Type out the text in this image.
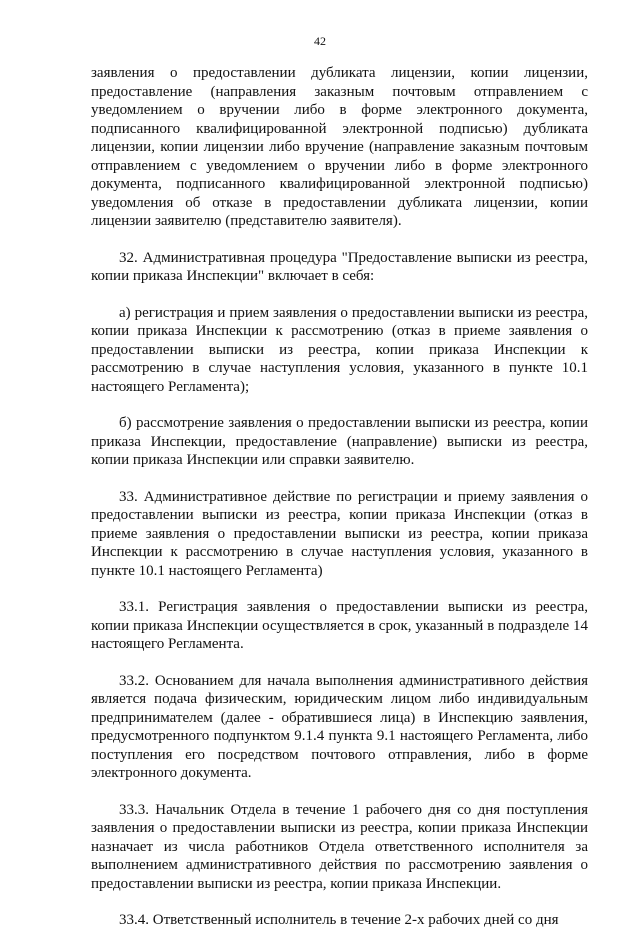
42

заявления о предоставлении дубликата лицензии, копии лицензии, предоставление (направления заказным почтовым отправлением с уведомлением о вручении либо в форме электронного документа, подписанного квалифицированной электронной подписью) дубликата лицензии, копии лицензии либо вручение (направление заказным почтовым отправлением с уведомлением о вручении либо в форме электронного документа, подписанного квалифицированной электронной подписью) уведомления об отказе в предоставлении дубликата лицензии, копии лицензии заявителю (представителю заявителя).

32. Административная процедура "Предоставление выписки из реестра, копии приказа Инспекции" включает в себя:

а) регистрация и прием заявления о предоставлении выписки из реестра, копии приказа Инспекции к рассмотрению (отказ в приеме заявления о предоставлении выписки из реестра, копии приказа Инспекции к рассмотрению в случае наступления условия, указанного в пункте 10.1 настоящего Регламента);

б) рассмотрение заявления о предоставлении выписки из реестра, копии приказа Инспекции, предоставление (направление) выписки из реестра, копии приказа Инспекции или справки заявителю.

33. Административное действие по регистрации и приему заявления о предоставлении выписки из реестра, копии приказа Инспекции (отказ в приеме заявления о предоставлении выписки из реестра, копии приказа Инспекции к рассмотрению в случае наступления условия, указанного в пункте 10.1 настоящего Регламента)

33.1. Регистрация заявления о предоставлении выписки из реестра, копии приказа Инспекции осуществляется в срок, указанный в подразделе 14 настоящего Регламента.

33.2. Основанием для начала выполнения административного действия является подача физическим, юридическим лицом либо индивидуальным предпринимателем (далее - обратившиеся лица) в Инспекцию заявления, предусмотренного подпунктом 9.1.4 пункта 9.1 настоящего Регламента, либо поступления его посредством почтового отправления, либо в форме электронного документа.

33.3. Начальник Отдела в течение 1 рабочего дня со дня поступления заявления о предоставлении выписки из реестра, копии приказа Инспекции назначает из числа работников Отдела ответственного исполнителя за выполнением административного действия по рассмотрению заявления о предоставлении выписки из реестра, копии приказа Инспекции.

33.4. Ответственный исполнитель в течение 2-х рабочих дней со дня
